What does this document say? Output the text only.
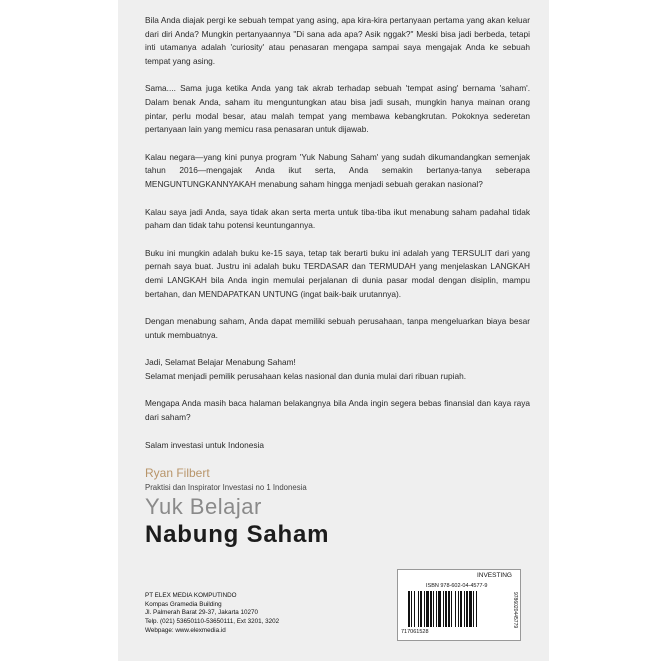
Bila Anda diajak pergi ke sebuah tempat yang asing, apa kira-kira pertanyaan pertama yang akan keluar dari diri Anda? Mungkin pertanyaannya "Di sana ada apa? Asik nggak?" Meski bisa jadi berbeda, tetapi inti utamanya adalah 'curiosity' atau penasaran mengapa sampai saya mengajak Anda ke sebuah tempat yang asing.

Sama.... Sama juga ketika Anda yang tak akrab terhadap sebuah 'tempat asing' bernama 'saham'. Dalam benak Anda, saham itu menguntungkan atau bisa jadi susah, mungkin hanya mainan orang pintar, perlu modal besar, atau malah tempat yang membawa kebangkrutan. Pokoknya sederetan pertanyaan lain yang memicu rasa penasaran untuk dijawab.

Kalau negara—yang kini punya program 'Yuk Nabung Saham' yang sudah dikumandangkan semenjak tahun 2016—mengajak Anda ikut serta, Anda semakin bertanya-tanya seberapa MENGUNTUNGKANNYAKAH menabung saham hingga menjadi sebuah gerakan nasional?

Kalau saya jadi Anda, saya tidak akan serta merta untuk tiba-tiba ikut menabung saham padahal tidak paham dan tidak tahu potensi keuntungannya.

Buku ini mungkin adalah buku ke-15 saya, tetap tak berarti buku ini adalah yang TERSULIT dari yang pernah saya buat. Justru ini adalah buku TERDASAR dan TERMUDAH yang menjelaskan LANGKAH demi LANGKAH bila Anda ingin memulai perjalanan di dunia pasar modal dengan disiplin, mampu bertahan, dan MENDAPATKAN UNTUNG (ingat baik-baik urutannya).

Dengan menabung saham, Anda dapat memiliki sebuah perusahaan, tanpa mengeluarkan biaya besar untuk membuatnya.

Jadi, Selamat Belajar Menabung Saham!

Selamat menjadi pemilik perusahaan kelas nasional dan dunia mulai dari ribuan rupiah.

Mengapa Anda masih baca halaman belakangnya bila Anda ingin segera bebas finansial dan kaya raya dari saham?

Salam investasi untuk Indonesia

Ryan Filbert
Praktisi dan Inspirator Investasi no 1 Indonesia
Yuk Belajar
Nabung Saham
PT ELEX MEDIA KOMPUTINDO
Kompas Gramedia Building
Jl. Palmerah Barat 29-37, Jakarta 10270
Telp. (021) 53650110-53650111, Ext 3201, 3202
Webpage: www.elexmedia.id
INVESTING
ISBN 978-602-04-4577-9
9786020445779
717061528
